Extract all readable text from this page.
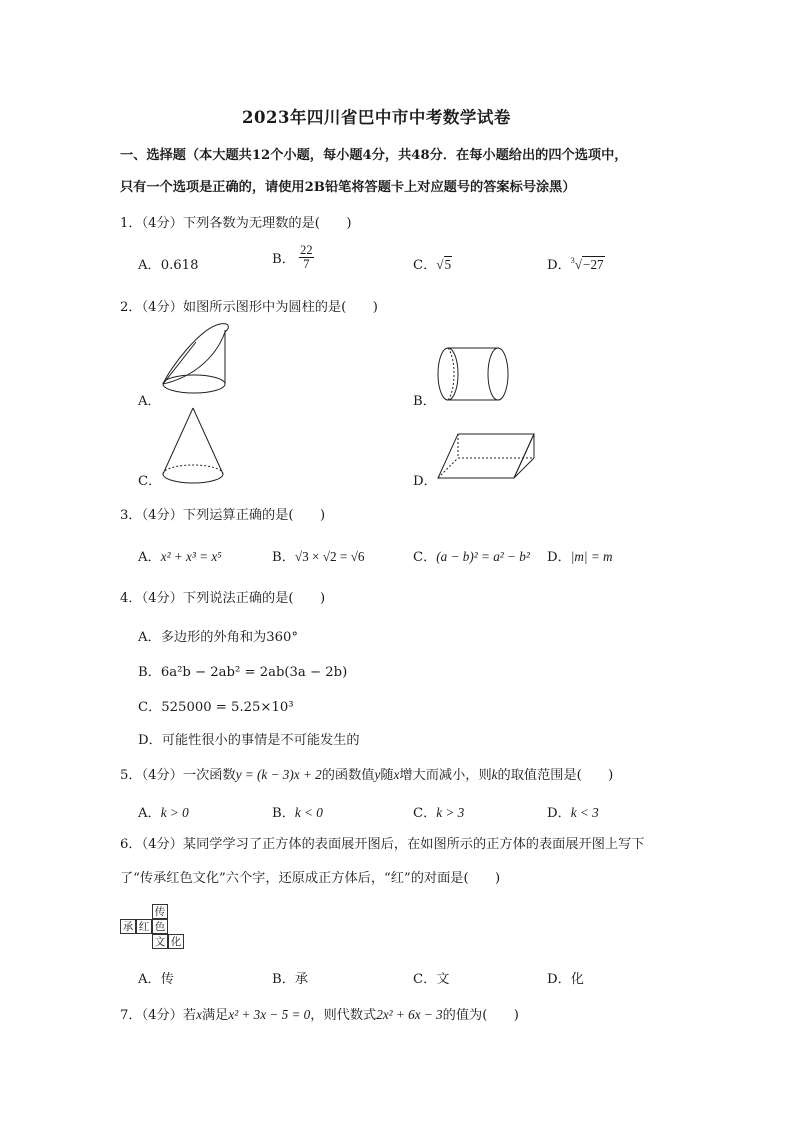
2023年四川省巴中市中考数学试卷
一、选择题（本大题共12个小题，每小题4分，共48分．在每小题给出的四个选项中，
只有一个选项是正确的，请使用2B铅笔将答题卡上对应题号的答案标号涂黑）
1．（4分）下列各数为无理数的是(　　)
A．0.618	B． $\frac{22}{7}$	C．√5	D．$^3$√−27
2．（4分）如图所示图形中为圆柱的是(　　)
A．	B．
C．	D．
3．（4分）下列运算正确的是(　　)
A．x² + x³ = x⁵	B．√3 × √2 = √6	C．(a − b)² = a² − b² D．|m| = m
4．（4分）下列说法正确的是(　　)
A．多边形的外角和为360°
B．6a²b − 2ab² = 2ab(3a − 2b)
C．525000 = 5.25×10³
D．可能性很小的事情是不可能发生的
5．（4分）一次函数y = (k − 3)x + 2的函数值y随x增大而减小，则k的取值范围是(　　)
A．k > 0	B．k < 0	C．k > 3	D．k < 3
6．（4分）某同学学习了正方体的表面展开图后，在如图所示的正方体的表面展开图上写下
了“传承红色文化”六个字，还原成正方体后，“红”的对面是(　　)
传
承 红 色
文 化
A．传	B．承	C．文	D．化
7．（4分）若x满足x² + 3x − 5 = 0，则代数式2x² + 6x − 3的值为(　　)
